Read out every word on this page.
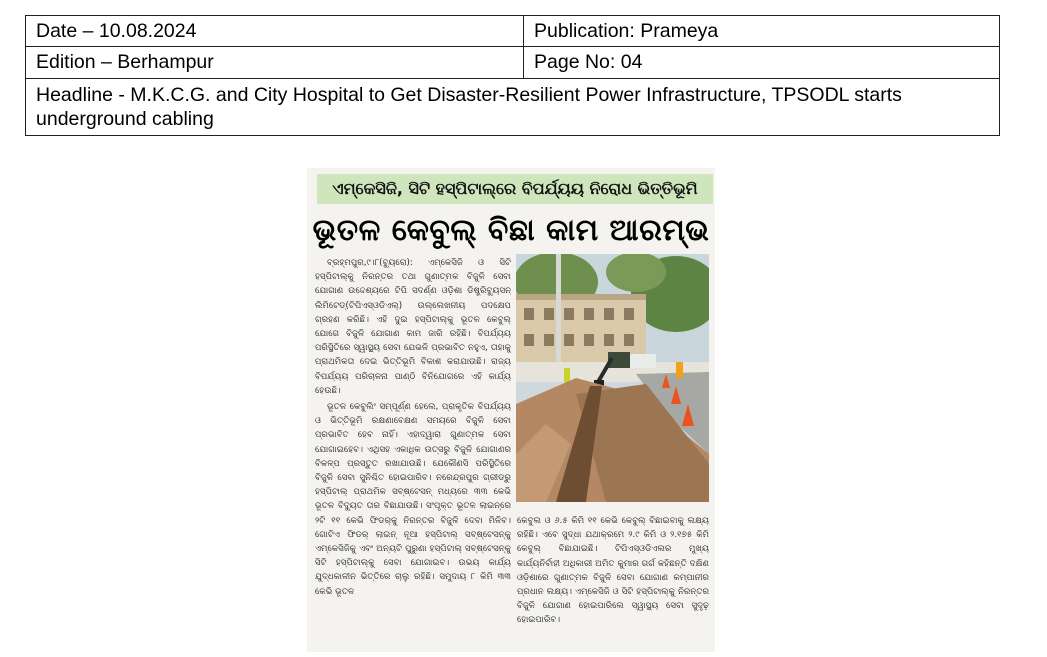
Date – 10.08.2024	Publication: Prameya
Edition – Berhampur	Page No: 04
Headline - M.K.C.G. and City Hospital to Get Disaster-Resilient Power Infrastructure, TPSODL starts underground cabling	
ଏମ୍‌କେସିଜି, ସିଟି ହସ୍ପିଟାଲ୍‌ରେ ବିପର୍ଯ୍ୟୟ ନିରୋଧ ଭିତ୍ତିଭୂମି
ଭୂତଳ କେବୁଲ୍ ବିଛା କାମ ଆରମ୍ଭ

ବ୍ରହ୍ମପୁର,୯।୮(ବ୍ୟୁରୋ): ଏମ୍‌କେସିଜି ଓ ସିଟି ହସ୍ପିଟାଲ୍‌କୁ ନିରନ୍ତର ତଥା ଗୁଣାତ୍ମକ ବିଜୁଳି ସେବା ଯୋଗାଣ ଉଦ୍ଦେଶ୍ୟରେ ଟିପି ସଦର୍ଣ୍ଣ ଓଡ଼ିଶା ଡିଷ୍ଟ୍ରିବ୍ୟୁସନ୍ ଲିମିଟେଡ୍(ଟିପିଏସ୍‌ଓଡିଏଲ୍) ଉଲ୍ଲେଖନୀୟ ପଦକ୍ଷେପ ଗ୍ରହଣ କରିଛି। ଏହି ଦୁଇ ହସ୍ପିଟାଲ୍‌କୁ ଭୂତଳ କେବୁଲ୍ ଯୋଗେ ବିଜୁଳି ଯୋଗାଣ କାମ ଜାରି ରହିଛି। ବିପର୍ଯ୍ୟୟ ପରିସ୍ଥିତିରେ ସ୍ୱାସ୍ଥ୍ୟ ସେବା ଯେଭଳି ପ୍ରଭାବିତ ନହୁଏ, ତାହାକୁ ପ୍ରାଥମିକତା ଦେଇ ଭିତ୍ତିଭୂମି ବିକାଶ କରାଯାଉଛି। ରାଜ୍ୟ ବିପର୍ଯ୍ୟୟ ପରିଚାଳନା ପାଣ୍ଠି ବିନିଯୋଗରେ ଏହି କାର୍ଯ୍ୟ ହେଉଛି।

ଭୂତଳ କେବୁଲିଂ ସମ୍ପୂର୍ଣ୍ଣ ହେଲେ, ପ୍ରାକୃତିକ ବିପର୍ଯ୍ୟୟ ଓ ଭିତ୍ତିଭୂମି ରକ୍ଷଣାବେକ୍ଷଣ ସମୟରେ ବିଜୁଳି ସେବା ପ୍ରଭାବିତ ହେବ ନାହିଁ। ଏହାଦ୍ୱାରା ଗୁଣାତ୍ମକ ସେବା ଯୋଗାଇହେବ। ଏଥିସହ ଏକାଧିକ ଉତ୍ସରୁ ବିଜୁଳି ଯୋଗାଣର ବିକଳ୍ପ ପ୍ରସ୍ତୁତ ରଖାଯାଉଛି। ଯେକୌଣସି ପରିସ୍ଥିତିରେ ବିଜୁଳି ସେବା ସୁନିଶ୍ଚିତ ହୋଇପାରିବ। ନରେନ୍ଦ୍ରପୁର ଗ୍ରୀଡ୍ରୁ ହସ୍ପିଟାଲ୍ ପ୍ରାଥମିକ ସବ୍‌ଷ୍ଟେସନ୍ ମଧ୍ୟରେ ୩୩ କେଭି ଭୂତଳ ବିଦ୍ୟୁତ ତାର ବିଛାଯାଉଛି। ସଂପୃକ୍ତ ଭୂତଳ ଲାଇନ୍‌ରେ ୨ଟି ୧୧ କେଭି ଫିଡର୍‌କୁ ନିରନ୍ତର ବିଜୁଳି ଦେବା ମିଳିବ। ଗୋଟିଏ ଫିଡର୍ ଲାଇନ୍ ନୂଆ ହସ୍ପିଟାଲ୍ ସବ୍‌ଷ୍ଟେସନ୍‌କୁ ଏମ୍‌କେସିଜିକୁ ଏବଂ ଅନ୍ୟଟି ପୁରୁଣା ହସ୍ପିଟାଲ୍ ସବ୍‌ଷ୍ଟେସନ୍‌କୁ ସିଟି ହସ୍ପିଟାଲ୍‌କୁ ସେବା ଯୋଗାଇବ। ଉଭୟ କାର୍ଯ୍ୟ ଯୁଦ୍ଧକାଳୀନ ଭିତ୍ତିରେ ଚାଲୁ ରହିଛି। ସମୁଦାୟ ୮ କିମି ୩୩ କେଭି ଭୂତଳ

କେବୁଲ ଓ ୬.୫ କିମି ୧୧ କେଭି କେବୁଲ୍ ବିଛାଇବାକୁ ଲକ୍ଷ୍ୟ ରହିଛି। ଏବେ ସୁଦ୍ଧା ଯଥାକ୍ରମେ ୨.୯ କିମି ଓ ୨.୧୭୫ କିମି କେବୁଲ୍ ବିଛାଯାଇଛି। ଟିପିଏସ୍‌ଓଡିଏଲର ମୁଖ୍ୟ କାର୍ଯ୍ୟନିର୍ବାହୀ ଅଧିକାରୀ ଅମିତ କୁମାର ଗର୍ଗ କହିଛନ୍ତି ଦକ୍ଷିଣ ଓଡ଼ିଶାରେ ଗୁଣାତ୍ମକ ବିଜୁଳି ସେବା ଯୋଗାଣ କମ୍ପାନୀର ପ୍ରଧାନ ଲକ୍ଷ୍ୟ। ଏମ୍‌କେସିଜି ଓ ସିଟି ହସ୍ପିଟାଲ୍‌କୁ ନିରନ୍ତର ବିଜୁଳି ଯୋଗାଣ ହୋଇପାରିଲେ ସ୍ୱାସ୍ଥ୍ୟ ସେବା ସୁଦୃଢ଼ ହୋଇପାରିବ।
